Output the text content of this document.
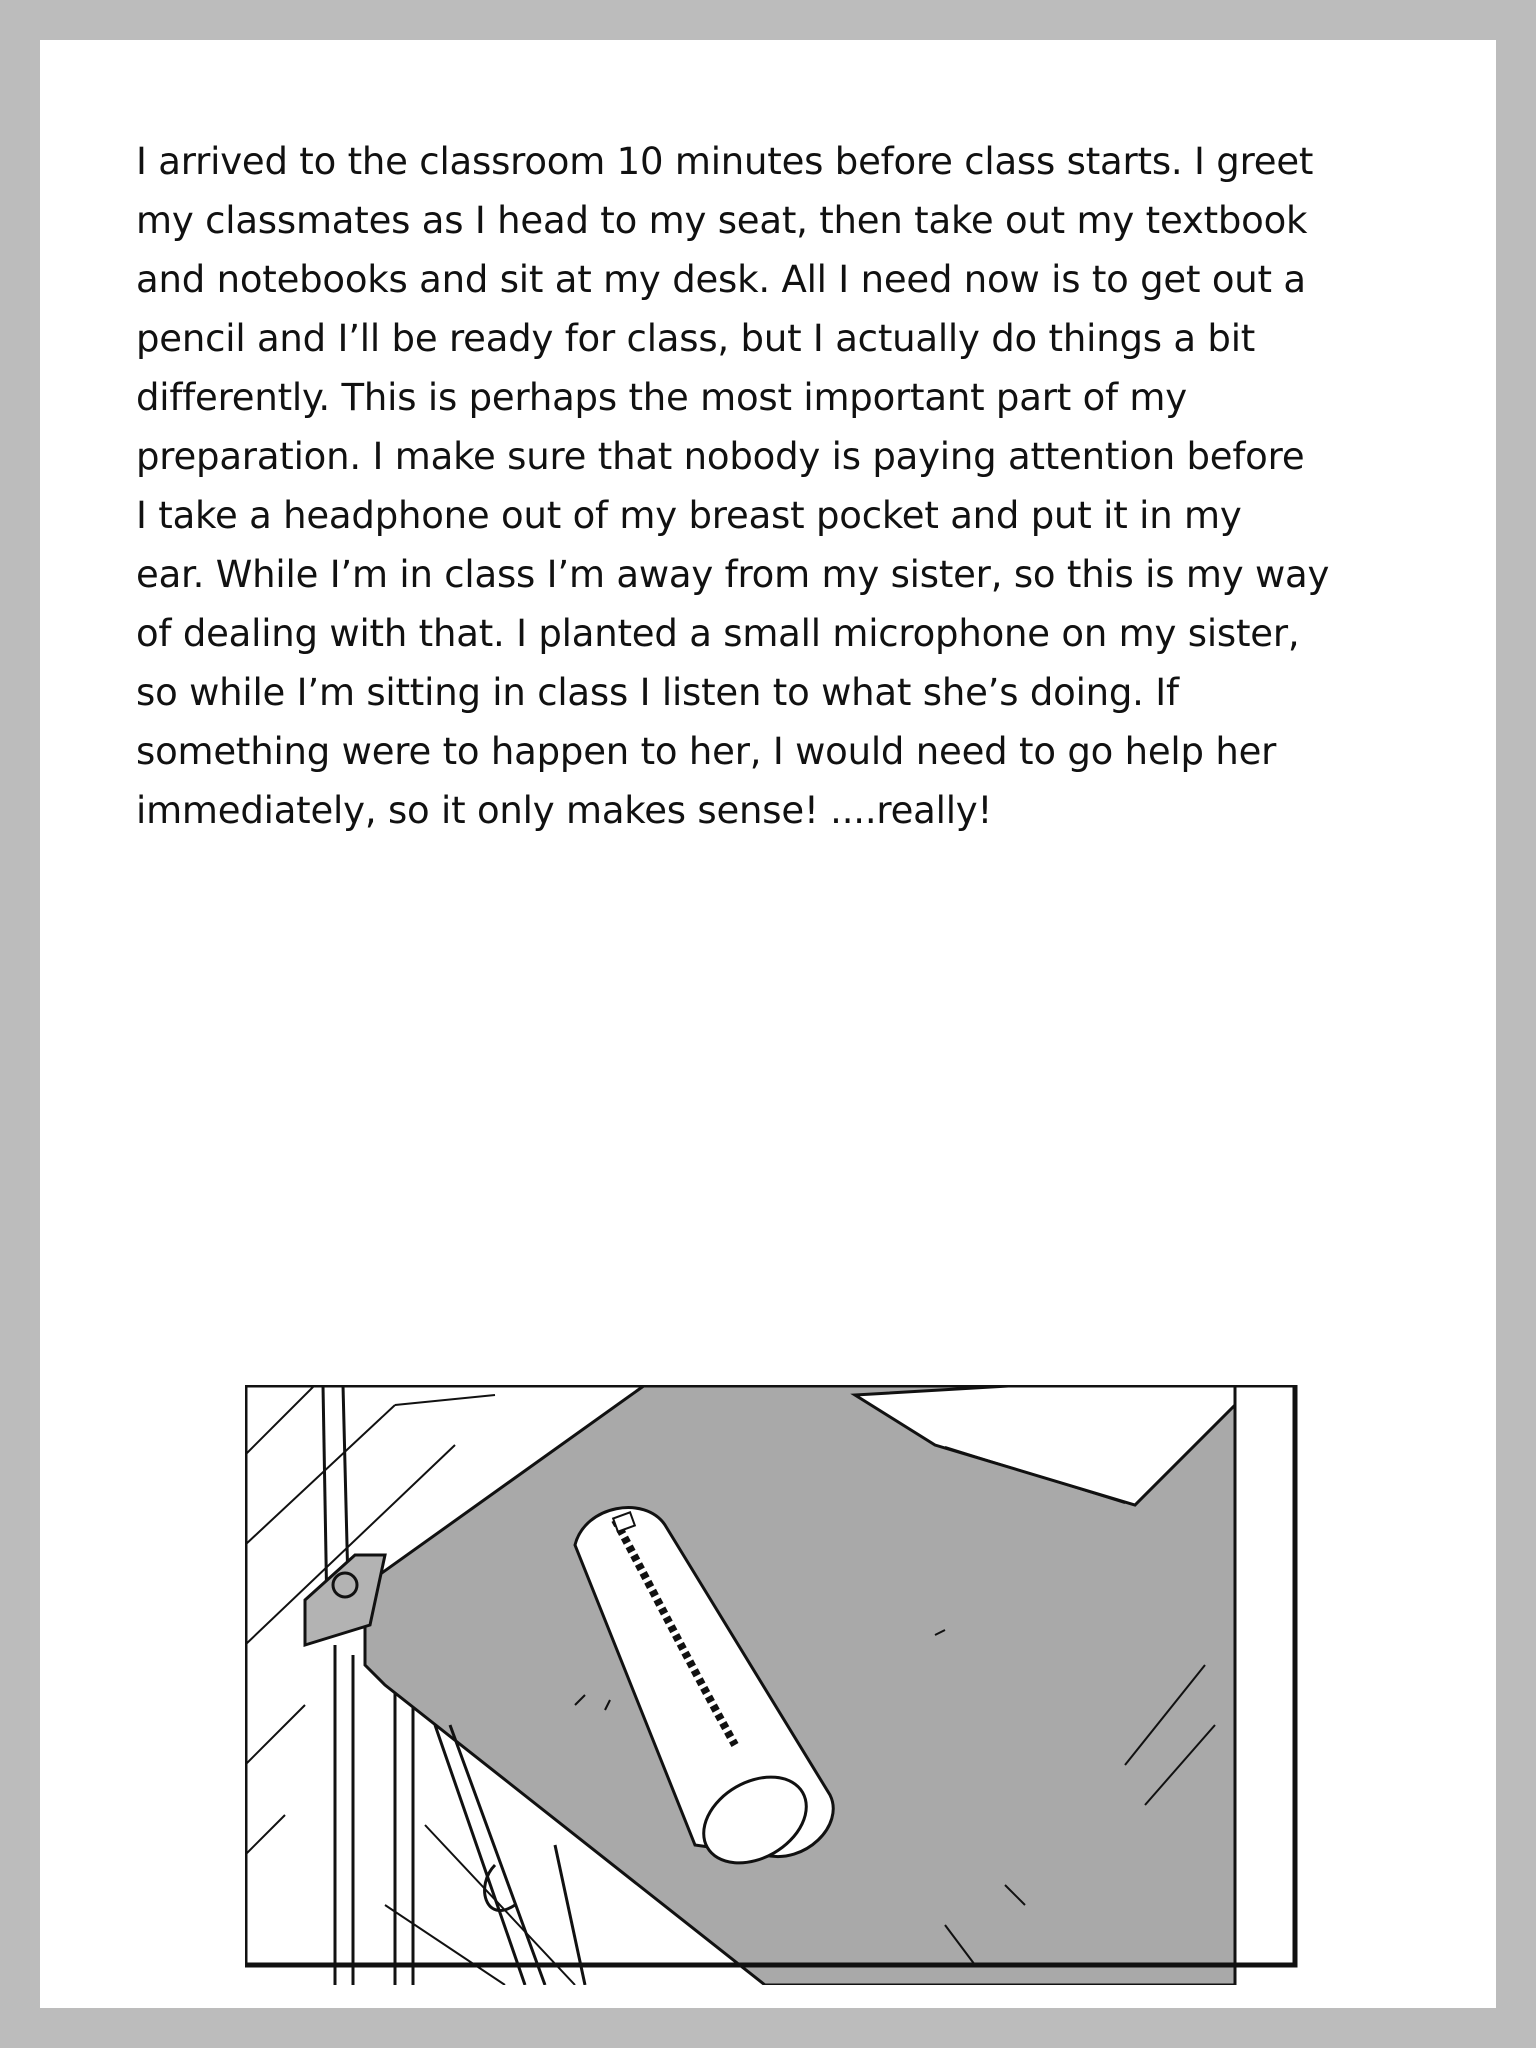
I arrived to the classroom 10 minutes before class starts. I greet
my classmates as I head to my seat, then take out my textbook
and notebooks and sit at my desk. All I need now is to get out a
pencil and I’ll be ready for class, but I actually do things a bit
differently. This is perhaps the most important part of my
preparation. I make sure that nobody is paying attention before
I take a headphone out of my breast pocket and put it in my
ear. While I’m in class I’m away from my sister, so this is my way
of dealing with that. I planted a small microphone on my sister,
so while I’m sitting in class I listen to what she’s doing. If
something were to happen to her, I would need to go help her
immediately, so it only makes sense! ....really!
